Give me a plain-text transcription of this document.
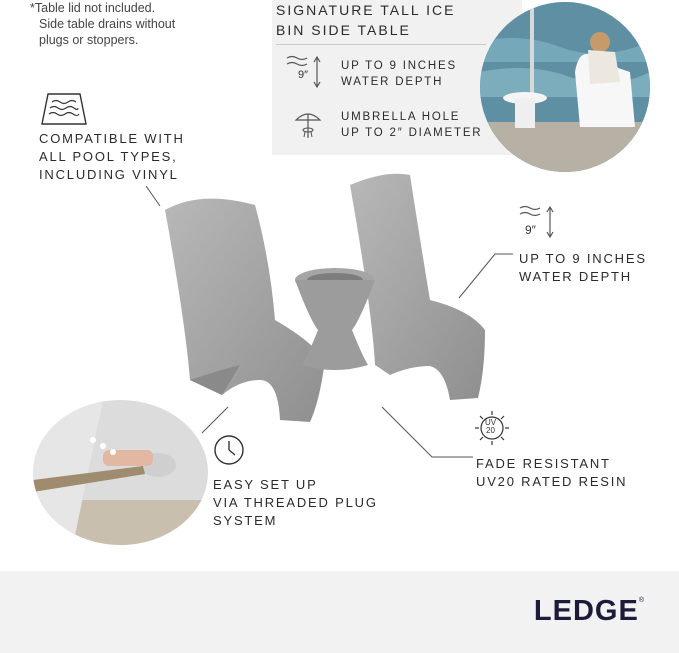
*Table lid not included.
Side table drains without
plugs or stoppers.
SIGNATURE TALL ICE
BIN SIDE TABLE
9″
UP TO 9 INCHES
WATER DEPTH
UMBRELLA HOLE
UP TO 2″ DIAMETER
COMPATIBLE WITH
ALL POOL TYPES,
INCLUDING VINYL
9″
UP TO 9 INCHES
WATER DEPTH
EASY SET UP
VIA THREADED PLUG
SYSTEM
UV
20
FADE RESISTANT
UV20 RATED RESIN
LEDGE®
